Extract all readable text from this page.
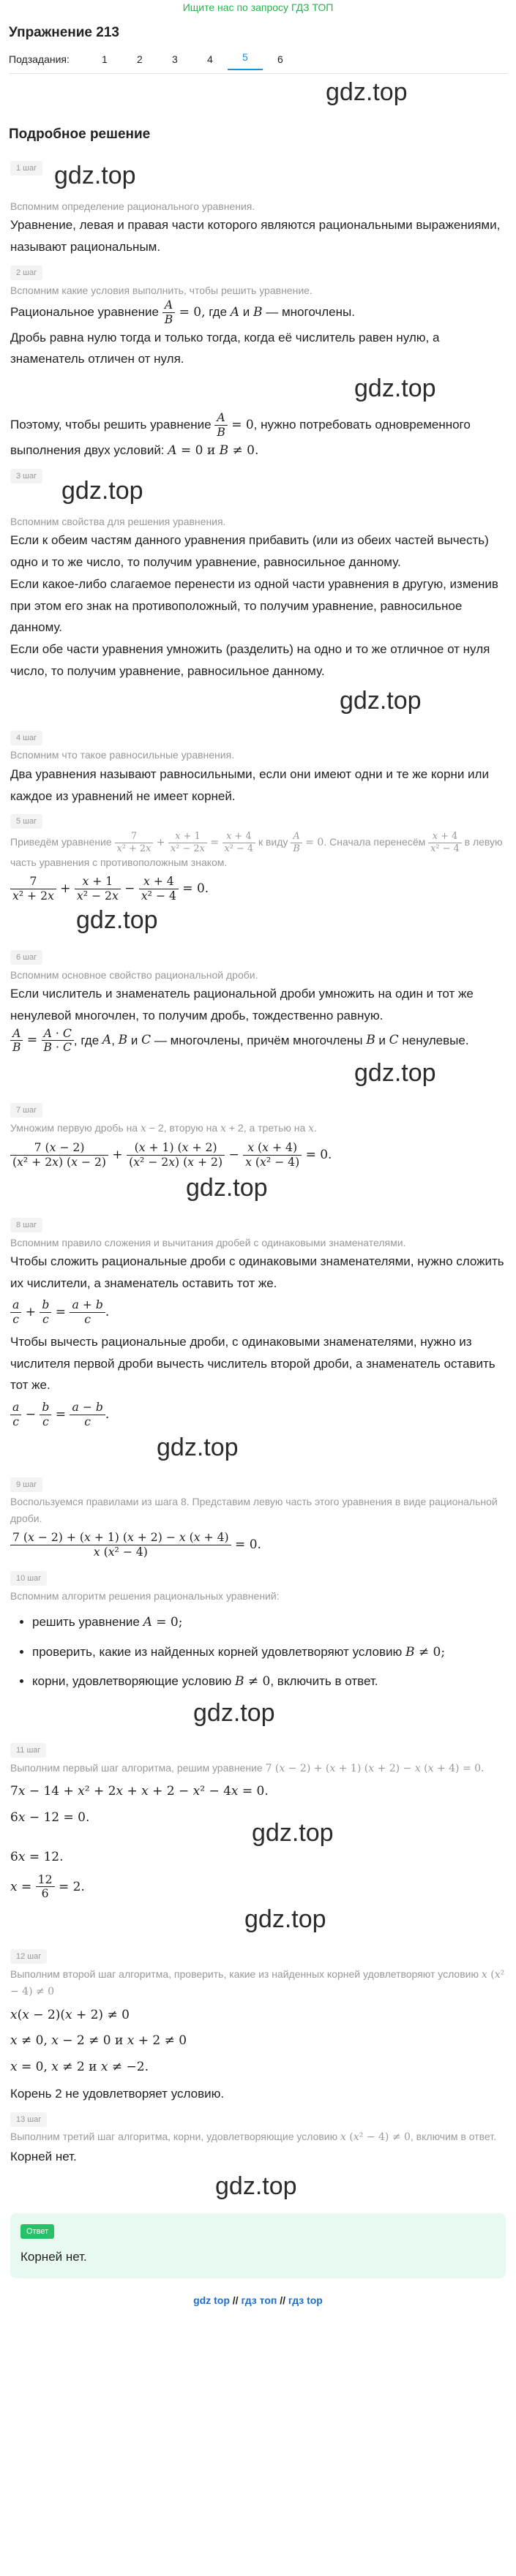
Ищите нас по запросу ГДЗ ТОП
Упражнение 213
Подзадания:	1	2	3	4	5	6
gdz.top
Подробное решение
1 шаг gdz.top
Вспомним определение рационального уравнения.
Уравнение, левая и правая части которого являются рациональными выражениями, называют рациональным.
2 шаг
Вспомним какие условия выполнить, чтобы решить уравнение.
Рациональное уравнение $\frac{A}{B} = 0$, где A и B — многочлены.
Дробь равна нулю тогда и только тогда, когда её числитель равен нулю, а знаменатель отличен от нуля.
gdz.top
Поэтому, чтобы решить уравнение $\frac{A}{B} = 0$, нужно потребовать одновременного выполнения двух условий: A = 0 и B ≠ 0.
3 шаг
gdz.top
Вспомним свойства для решения уравнения.
Если к обеим частям данного уравнения прибавить (или из обеих частей вычесть) одно и то же число, то получим уравнение, равносильное данному.
Если какое-либо слагаемое перенести из одной части уравнения в другую, изменив при этом его знак на противоположный, то получим уравнение, равносильное данному.
Если обе части уравнения умножить (разделить) на одно и то же отличное от нуля число, то получим уравнение, равносильное данному.
gdz.top
4 шаг
Вспомним что такое равносильные уравнения.
Два уравнения называют равносильными, если они имеют одни и те же корни или каждое из уравнений не имеет корней.
5 шаг
Приведём уравнение $\frac{7}{\text{x² + 2x}} + \frac{x + 1}{\text{x² − 2x}} = \frac{x + 4}{\text{x² − 4}}$ к виду $\frac{A}{B} = 0$. Сначала перенесём $\frac{x + 4}{\text{x² − 4}}$ в левую часть уравнения с противоположным знаком.
$\frac{7}{\text{x² + 2x}} + \frac{x + 1}{\text{x² − 2x}} - \frac{x + 4}{\text{x² − 4}} = 0$.
gdz.top
6 шаг
Вспомним основное свойство рациональной дроби.
Если числитель и знаменатель рациональной дроби умножить на один и тот же ненулевой многочлен, то получим дробь, тождественно равную.
$\frac{A}{B} = \frac{A \cdot C}{B \cdot C}$ , где A, B и C — многочлены, причём многочлены B и C ненулевые.
gdz.top
7 шаг
Умножим первую дробь на x − 2, вторую на x + 2, а третью на x.
$\frac{7 (x - 2)}{\text{(x² + 2x) (x − 2)}} + \frac{(x + 1) (x + 2)}{\text{(x² − 2x) (x + 2)}} - \frac{x (x + 4)}{\text{x (x² − 4)}} = 0$.
gdz.top
8 шаг
Вспомним правило сложения и вычитания дробей с одинаковыми знаменателями.
Чтобы сложить рациональные дроби с одинаковыми знаменателями, нужно сложить их числители, а знаменатель оставить тот же.
$\frac{a}{c} + \frac{b}{c} = \frac{a + b}{c}$ .
Чтобы вычесть рациональные дроби, с одинаковыми знаменателями, нужно из числителя первой дроби вычесть числитель второй дроби, а знаменатель оставить тот же.
$\frac{a}{c} - \frac{b}{c} = \frac{a - b}{c}$ .
gdz.top
9 шаг
Воспользуемся правилами из шага 8. Представим левую часть этого уравнения в виде рациональной дроби.
$\frac{7 (x - 2) + (x + 1) (x + 2) - x (x + 4)}{\text{x (x² − 4)}} = 0$.
10 шаг
Вспомним алгоритм решения рациональных уравнений:
• решить уравнение A = 0;
• проверить, какие из найденных корней удовлетворяют условию B ≠ 0;
• корни, удовлетворяющие условию B ≠ 0, включить в ответ.
gdz.top
11 шаг
Выполним первый шаг алгоритма, решим уравнение 7 (x − 2) + (x + 1) (x + 2) − x (x + 4) = 0.
7x − 14 + x² + 2x + x + 2 − x² − 4x = 0.
6x − 12 = 0.
gdz.top
6x = 12.
$x = \frac{12}{6} = 2$.
gdz.top
12 шаг
Выполним второй шаг алгоритма, проверить, какие из найденных корней удовлетворяют условию x (x² − 4) ≠ 0
x(x − 2)(x + 2) ≠ 0
x ≠ 0, x − 2 ≠ 0 и x + 2 ≠ 0
x = 0, x ≠ 2 и x ≠ −2.
Корень 2 не удовлетворяет условию.
13 шаг
Выполним третий шаг алгоритма, корни, удовлетворяющие условию x (x² − 4) ≠ 0, включим в ответ.
Корней нет.
gdz.top
Ответ
Корней нет.
gdz top // гдз топ // гдз top
